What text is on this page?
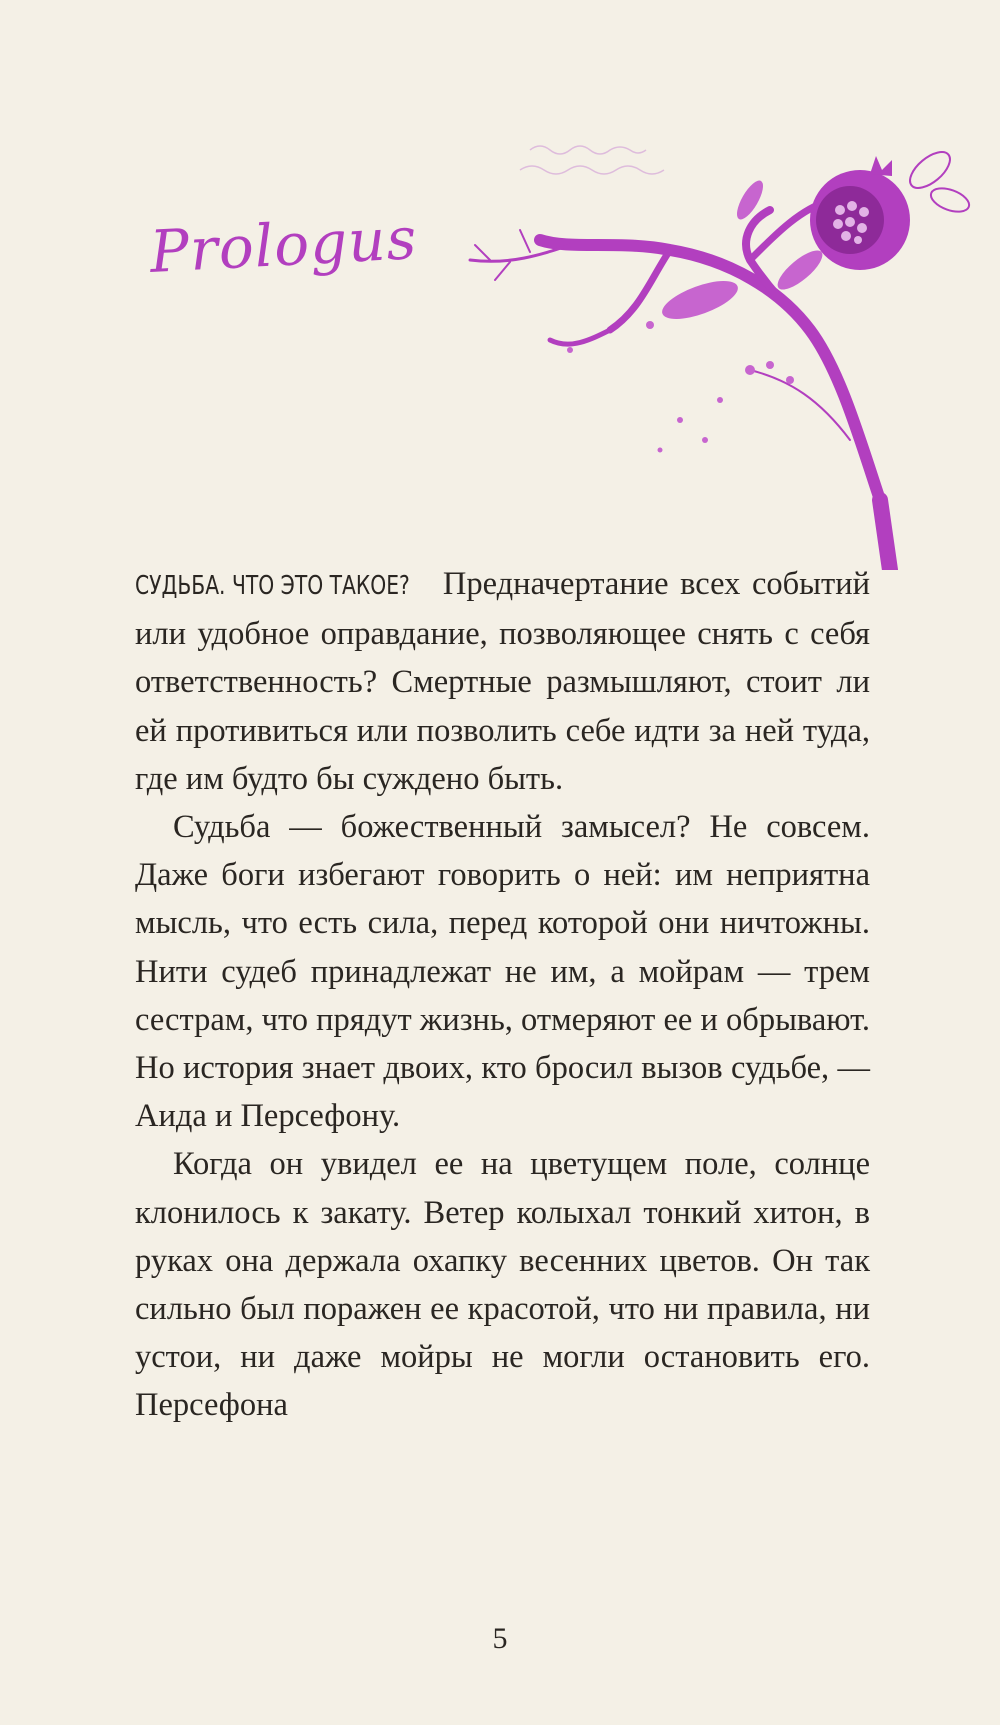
Prologus

СУДЬБА. ЧТО ЭТО ТАКОЕ? Предначертание всех событий или удобное оправдание, позволяющее снять с себя ответственность? Смертные размышляют, стоит ли ей противиться или позволить себе идти за ней туда, где им будто бы суждено быть.

Судьба — божественный замысел? Не совсем. Даже боги избегают говорить о ней: им неприятна мысль, что есть сила, перед которой они ничтожны. Нити судеб принадлежат не им, а мойрам — трем сестрам, что прядут жизнь, отмеряют ее и обрывают. Но история знает двоих, кто бросил вызов судьбе, — Аида и Персефону.

Когда он увидел ее на цветущем поле, солнце клонилось к закату. Ветер колыхал тонкий хитон, в руках она держала охапку весенних цветов. Он так сильно был поражен ее красотой, что ни правила, ни устои, ни даже мойры не могли остановить его. Персефона

5
